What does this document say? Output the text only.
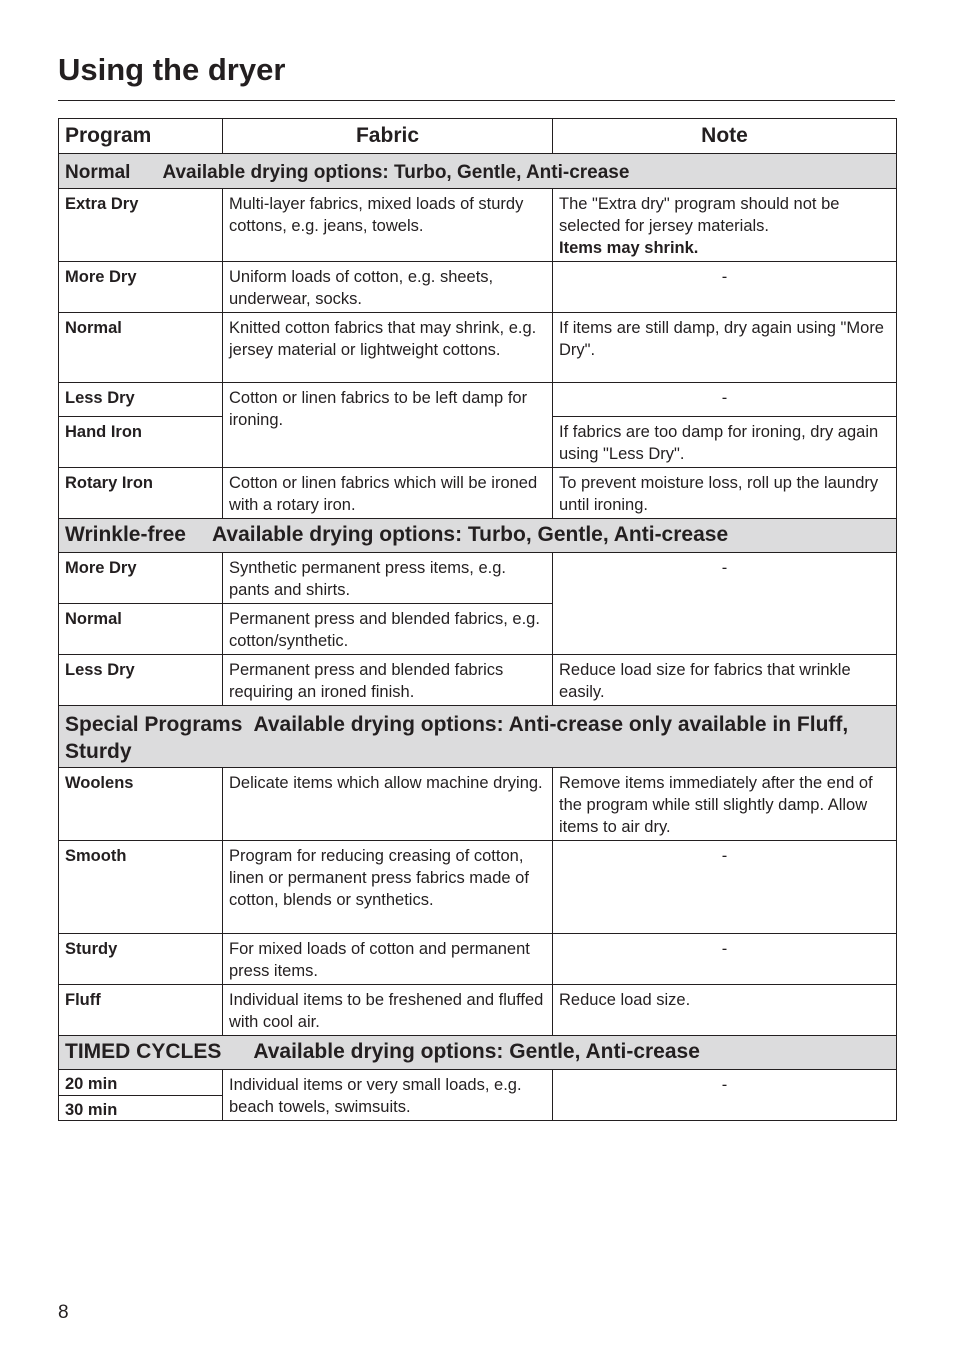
Using the dryer
Program	Fabric	Note
Normal Available drying options: Turbo, Gentle, Anti-crease		
Extra Dry	Multi-layer fabrics, mixed loads of sturdy cottons, e.g. jeans, towels.	The "Extra dry" program should not be selected for jersey materials.
Items may shrink.
More Dry	Uniform loads of cotton, e.g. sheets, underwear, socks.	-
Normal	Knitted cotton fabrics that may shrink, e.g. jersey material or lightweight cottons.	If items are still damp, dry again using "More Dry".
Less Dry	Cotton or linen fabrics to be left damp for ironing.	-
Hand Iron		If fabrics are too damp for ironing, dry again using "Less Dry".
Rotary Iron	Cotton or linen fabrics which will be ironed with a rotary iron.	To prevent moisture loss, roll up the laundry until ironing.
Wrinkle-free Available drying options: Turbo, Gentle, Anti-crease		
More Dry	Synthetic permanent press items, e.g. pants and shirts.	-
Normal	Permanent press and blended fabrics, e.g. cotton/synthetic.	
Less Dry	Permanent press and blended fabrics requiring an ironed finish.	Reduce load size for fabrics that wrinkle easily.
Special Programs Available drying options: Anti-crease only available in Fluff, Sturdy		
Woolens	Delicate items which allow machine drying.	Remove items immediately after the end of the program while still slightly damp. Allow items to air dry.
Smooth	Program for reducing creasing of cotton, linen or permanent press fabrics made of cotton, blends or synthetics.	-
Sturdy	For mixed loads of cotton and permanent press items.	-
Fluff	Individual items to be freshened and fluffed with cool air.	Reduce load size.
TIMED CYCLES Available drying options: Gentle, Anti-crease		
20 min	Individual items or very small loads, e.g. beach towels, swimsuits.	-
30 min		
8
